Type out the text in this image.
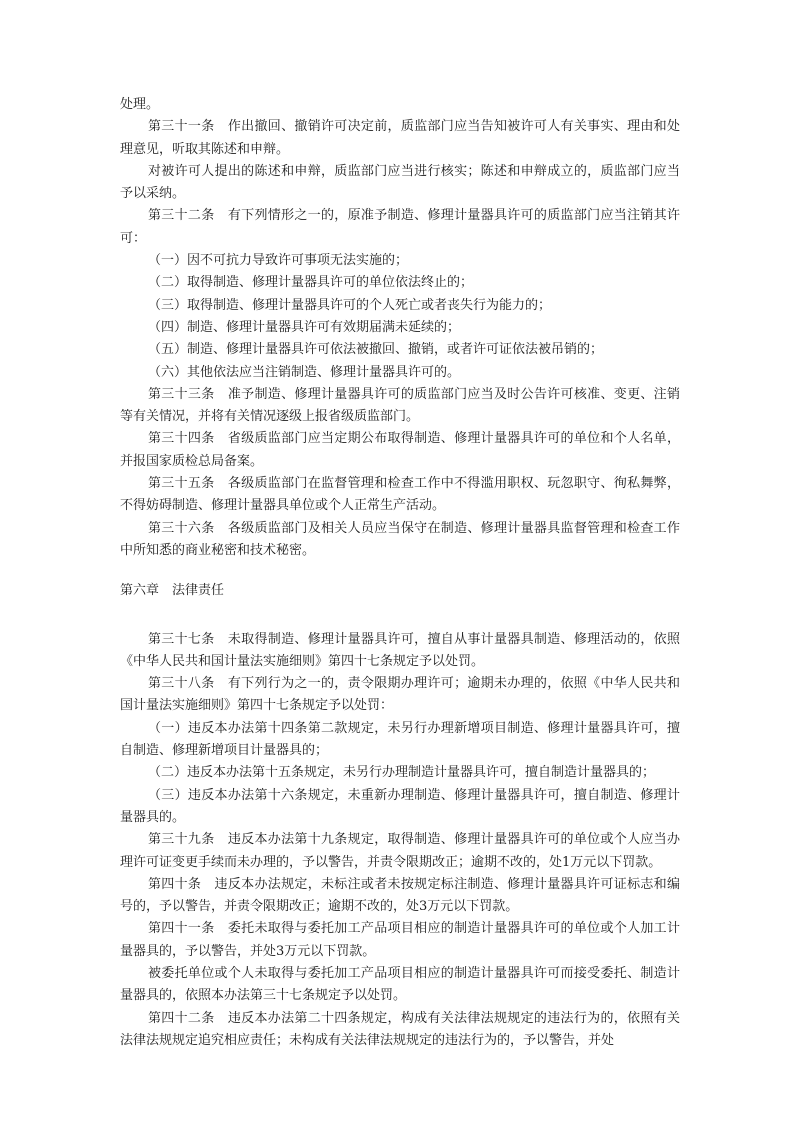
处理。

第三十一条　作出撤回、撤销许可决定前，质监部门应当告知被许可人有关事实、理由和处理意见，听取其陈述和申辩。

对被许可人提出的陈述和申辩，质监部门应当进行核实；陈述和申辩成立的，质监部门应当予以采纳。

第三十二条　有下列情形之一的，原准予制造、修理计量器具许可的质监部门应当注销其许可：

（一）因不可抗力导致许可事项无法实施的；

（二）取得制造、修理计量器具许可的单位依法终止的；

（三）取得制造、修理计量器具许可的个人死亡或者丧失行为能力的；

（四）制造、修理计量器具许可有效期届满未延续的；

（五）制造、修理计量器具许可依法被撤回、撤销，或者许可证依法被吊销的；

（六）其他依法应当注销制造、修理计量器具许可的。

第三十三条　准予制造、修理计量器具许可的质监部门应当及时公告许可核准、变更、注销等有关情况，并将有关情况逐级上报省级质监部门。

第三十四条　省级质监部门应当定期公布取得制造、修理计量器具许可的单位和个人名单，并报国家质检总局备案。

第三十五条　各级质监部门在监督管理和检查工作中不得滥用职权、玩忽职守、徇私舞弊，不得妨碍制造、修理计量器具单位或个人正常生产活动。

第三十六条　各级质监部门及相关人员应当保守在制造、修理计量器具监督管理和检查工作中所知悉的商业秘密和技术秘密。

第六章　法律责任

第三十七条　未取得制造、修理计量器具许可，擅自从事计量器具制造、修理活动的，依照《中华人民共和国计量法实施细则》第四十七条规定予以处罚。

第三十八条　有下列行为之一的，责令限期办理许可；逾期未办理的，依照《中华人民共和国计量法实施细则》第四十七条规定予以处罚：

（一）违反本办法第十四条第二款规定，未另行办理新增项目制造、修理计量器具许可，擅自制造、修理新增项目计量器具的；

（二）违反本办法第十五条规定，未另行办理制造计量器具许可，擅自制造计量器具的；

（三）违反本办法第十六条规定，未重新办理制造、修理计量器具许可，擅自制造、修理计量器具的。

第三十九条　违反本办法第十九条规定，取得制造、修理计量器具许可的单位或个人应当办理许可证变更手续而未办理的，予以警告，并责令限期改正；逾期不改的，处1万元以下罚款。

第四十条　违反本办法规定，未标注或者未按规定标注制造、修理计量器具许可证标志和编号的，予以警告，并责令限期改正；逾期不改的，处3万元以下罚款。

第四十一条　委托未取得与委托加工产品项目相应的制造计量器具许可的单位或个人加工计量器具的，予以警告，并处3万元以下罚款。

被委托单位或个人未取得与委托加工产品项目相应的制造计量器具许可而接受委托、制造计量器具的，依照本办法第三十七条规定予以处罚。

第四十二条　违反本办法第二十四条规定，构成有关法律法规规定的违法行为的，依照有关法律法规规定追究相应责任；未构成有关法律法规规定的违法行为的，予以警告，并处
